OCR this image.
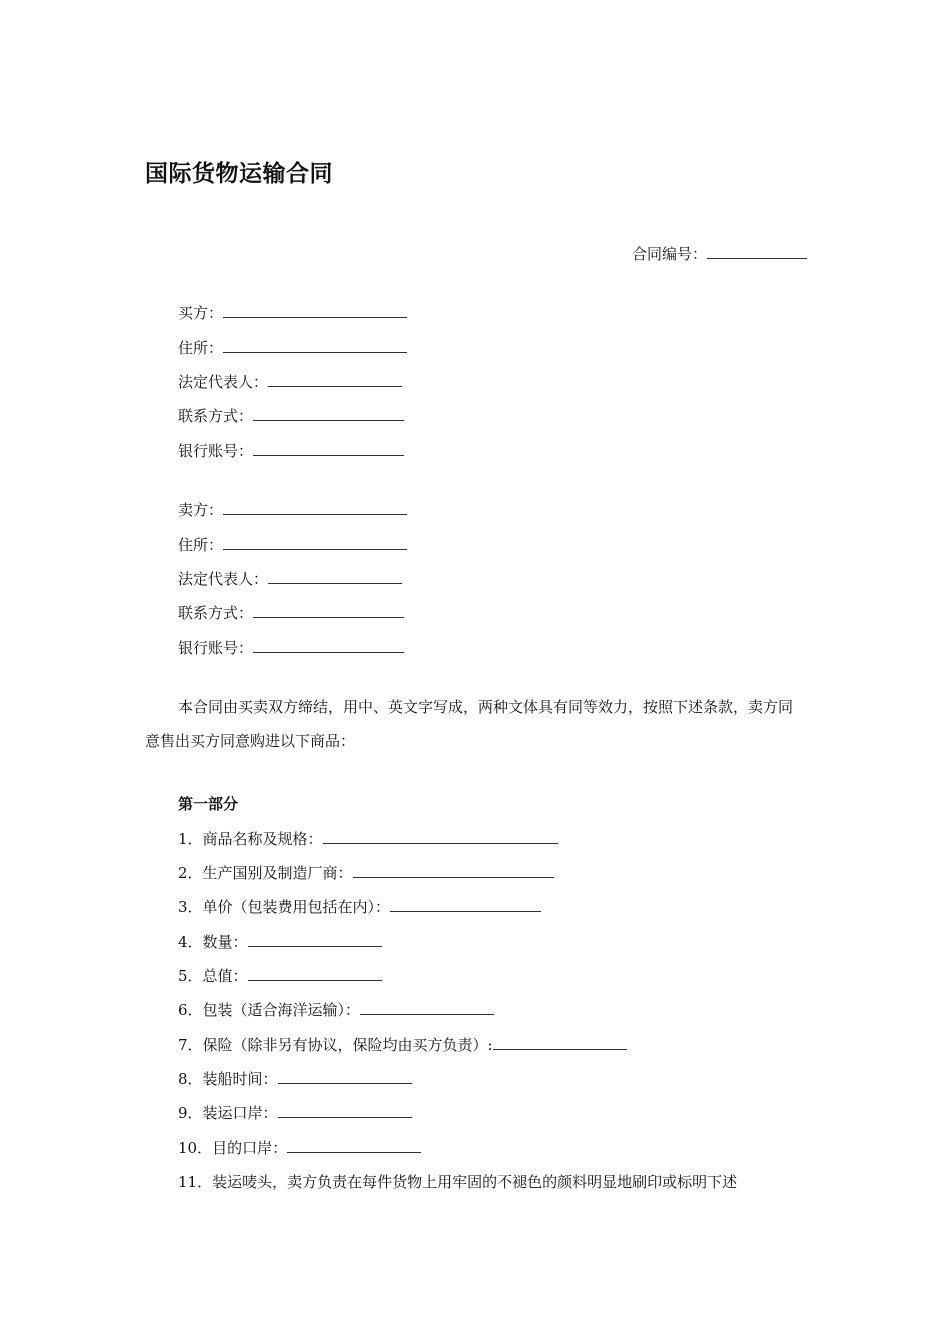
国际货物运输合同
合同编号：
买方：
住所：
法定代表人：
联系方式：
银行账号：
卖方：
住所：
法定代表人：
联系方式：
银行账号：

本合同由买卖双方缔结，用中、英文字写成，两种文体具有同等效力，按照下述条款，卖方同意售出买方同意购进以下商品：

第一部分
1．商品名称及规格：
2．生产国别及制造厂商：
3．单价（包装费用包括在内）：
4．数量：
5．总值：
6．包装（适合海洋运输）：
7．保险（除非另有协议，保险均由买方负责）:
8．装船时间：
9．装运口岸：
10．目的口岸：
11．装运唛头，卖方负责在每件货物上用牢固的不褪色的颜料明显地刷印或标明下述
